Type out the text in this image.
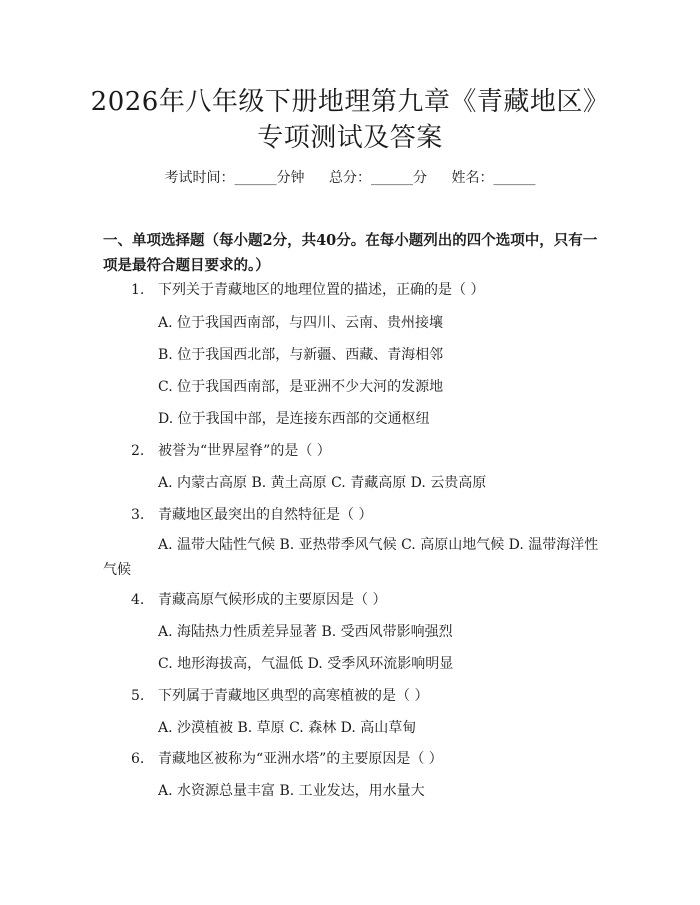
2026年八年级下册地理第九章《青藏地区》
专项测试及答案
考试时间：______分钟 总分：______分 姓名：______
一、单项选择题（每小题2分，共40分。在每小题列出的四个选项中，只有一项是最符合题目要求的。）
1. 下列关于青藏地区的地理位置的描述，正确的是（ ）
A. 位于我国西南部，与四川、云南、贵州接壤
B. 位于我国西北部，与新疆、西藏、青海相邻
C. 位于我国西南部，是亚洲不少大河的发源地
D. 位于我国中部，是连接东西部的交通枢纽
2. 被誉为“世界屋脊”的是（ ）
A. 内蒙古高原 B. 黄土高原 C. 青藏高原 D. 云贵高原
3. 青藏地区最突出的自然特征是（ ）
A. 温带大陆性气候 B. 亚热带季风气候 C. 高原山地气候 D. 温带海洋性气候
4. 青藏高原气候形成的主要原因是（ ）
A. 海陆热力性质差异显著 B. 受西风带影响强烈
C. 地形海拔高，气温低 D. 受季风环流影响明显
5. 下列属于青藏地区典型的高寒植被的是（ ）
A. 沙漠植被 B. 草原 C. 森林 D. 高山草甸
6. 青藏地区被称为“亚洲水塔”的主要原因是（ ）
A. 水资源总量丰富 B. 工业发达，用水量大
